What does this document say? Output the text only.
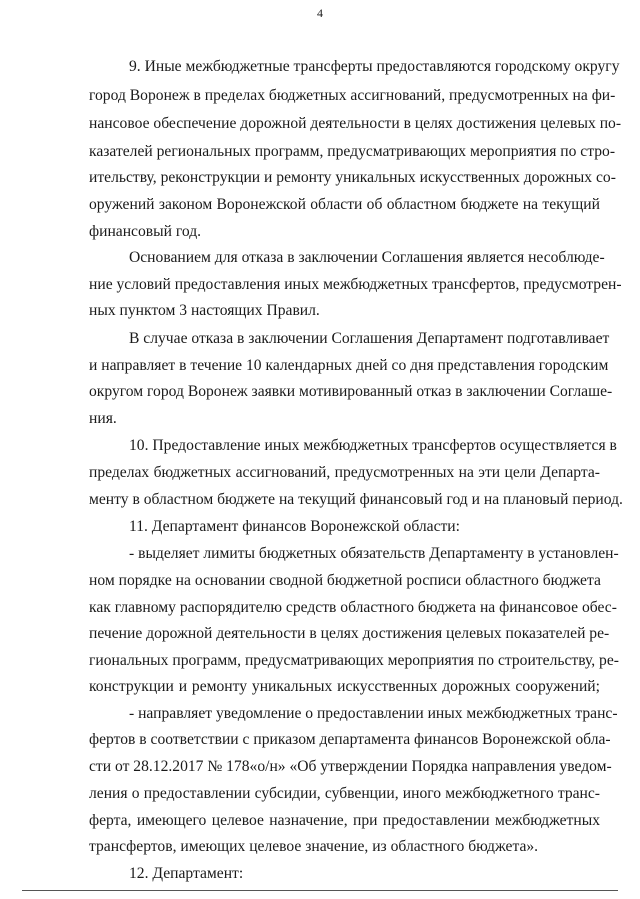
4
9. Иные межбюджетные трансферты предоставляются городскому округу
город Воронеж в пределах бюджетных ассигнований, предусмотренных на фи-
нансовое обеспечение дорожной деятельности в целях достижения целевых по-
казателей региональных программ, предусматривающих мероприятия по стро-
ительству, реконструкции и ремонту уникальных искусственных дорожных со-
оружений законом Воронежской области об областном бюджете на текущий
финансовый год.
Основанием для отказа в заключении Соглашения является несоблюде-
ние условий предоставления иных межбюджетных трансфертов, предусмотрен-
ных пунктом 3 настоящих Правил.
В случае отказа в заключении Соглашения Департамент подготавливает
и направляет в течение 10 календарных дней со дня представления городским
округом город Воронеж заявки мотивированный отказ в заключении Соглаше-
ния.
10. Предоставление иных межбюджетных трансфертов осуществляется в
пределах бюджетных ассигнований, предусмотренных на эти цели Департа-
менту в областном бюджете на текущий финансовый год и на плановый период.
11. Департамент финансов Воронежской области:
- выделяет лимиты бюджетных обязательств Департаменту в установлен-
ном порядке на основании сводной бюджетной росписи областного бюджета
как главному распорядителю средств областного бюджета на финансовое обес-
печение дорожной деятельности в целях достижения целевых показателей ре-
гиональных программ, предусматривающих мероприятия по строительству, ре-
конструкции и ремонту уникальных искусственных дорожных сооружений;
- направляет уведомление о предоставлении иных межбюджетных транс-
фертов в соответствии с приказом департамента финансов Воронежской обла-
сти от 28.12.2017 № 178«о/н» «Об утверждении Порядка направления уведом-
ления о предоставлении субсидии, субвенции, иного межбюджетного транс-
ферта, имеющего целевое назначение, при предоставлении межбюджетных
трансфертов, имеющих целевое значение, из областного бюджета».
12. Департамент:
